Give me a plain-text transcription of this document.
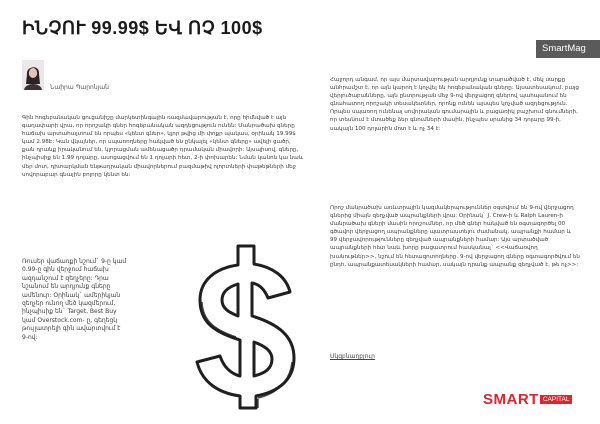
ԻՆՉՈՒ 99.99$ ԵՎ ՈՉ 100$
SmartMag
Նաիրա Պարոնյան
Գին հոգեբանական ցուցանիշը մարկետինգային ռազմավարության է, որը հիմնված է այն գաղափարի վրա, որ որոշակի գներ հոգեբանական ազդեցություն ունեն: Մանրածախ գները հաճախ արտահայտում են որպես «կենտ գներ», կլոր թվից մի փոքր պակաս, օրինակ 19.99$ կամ 2.98Է: Կան վկայներ, որ սպառողները հակված են ընկալել «կենտ գները» ավելի ցածր, քան դրանք իրականում են, կլորացման ամենացածր դրամական միավորի: Այսպիսով, գները, ինչպիսիք են 1.99 դոլարը, ասոցացվում են 1 դոլարի հետ, 2-ի փոխարեն: Նման կանոն կա նաև մեր մոտ, դիտարկման ենթադրական միավորներում բազմաթիվ ոլորտների փաթեթների մեջ սովորաբար գնային բոլորը կենտ են:
Ռուսեր վաճառքի նշում` 9-ը կամ 0.99-ը գին վերջում հաճախ ազդանշում է զեղչերը: Դրա նշանում են արդյունք գները ամենուր: Օրինակ` ամերիկյան զեղչեր ունող մեծ կազմերում, ինչպիսիք են` Target, Best Buy կամ Overstock.com- ը, գեղեցկ թույլատրելի գին ավարտվում է 9-ով:
Հաջորդ անգամ, որ այս մարտավարության արդյունք տարածված է, մեկ սարքը անհրամշտ է, որ այն կարող է կոչվել են հոգեբանական գները: Այսատեսակում, բայց վերլուծաբանները, այն ընտրության մեջ 9-ով վերջացող գներով պահպանում են գնահատող որոշակի տեսակետներ, որոնք ունեն այսպես կոչված ազդեցություն. Որպես սպառող ունենալ սովորական գումարային և բացառիկ բաշխում գնումների, որ տեսնում է մտածեք ձեր գնումների մասին, ինչպես սրանից 34 դոլարը 99-ի, սակայն 100 դոլարին մոտ է և ոչ 34 է:
Որոշ մանրածախ առևտրային կազմակերպություններ օգտվում են 9-ով վերջացող գներից միայն զեղչված ապրանքների վրա: Օրինակ` J. Crew-ի և Ralph Lauren-ի մանրածախ գների մասին որոշումներ, որ մեծ գներ հակված են օգտագործել 00 գծավոր վերջացող ապրանքները պատրաստելու ժամանակ, ապրանքի համար և 99 վերջավորությունները զեղչված ապրանքների համար: Այս արտածված ապրանքների հետ նաև խորը բացատրում հասկանալ` <<Վաճառվող խանութներ>>, նշում են հետազոտողները. 9-ով վերջացող գները օգտագործվում են ընդհ. ապրանքատեսակների համար, սակայն դրանք ապրանք զեղչված է, թե ոչ>>:
Սկզբնաղբյուր
SMART CAPITAL
